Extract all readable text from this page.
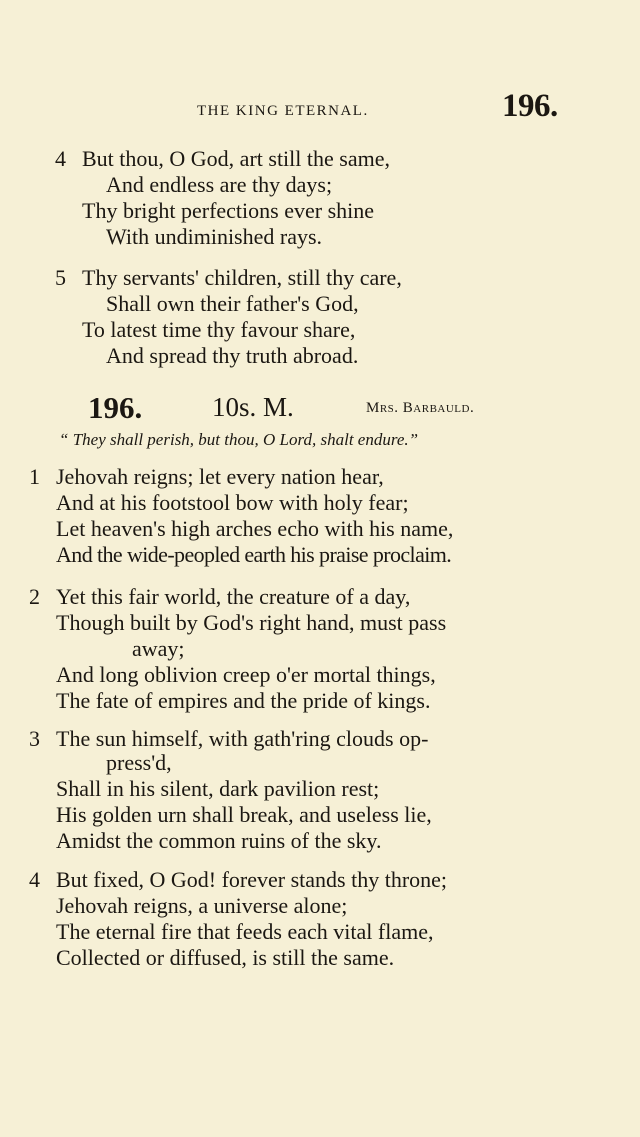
THE KING ETERNAL.	196.
4 But thou, O God, art still the same,
And endless are thy days;
Thy bright perfections ever shine
With undiminished rays.
5 Thy servants' children, still thy care,
Shall own their father's God,
To latest time thy favour share,
And spread thy truth abroad.
196.	10s. M.	Mrs. Barbauld.
“ They shall perish, but thou, O Lord, shalt endure.”
1 Jehovah reigns; let every nation hear,
And at his footstool bow with holy fear;
Let heaven's high arches echo with his name,
And the wide-peopled earth his praise proclaim.
2 Yet this fair world, the creature of a day,
Though built by God's right hand, must pass
away;
And long oblivion creep o'er mortal things,
The fate of empires and the pride of kings.
3 The sun himself, with gath'ring clouds op-
press'd,
Shall in his silent, dark pavilion rest;
His golden urn shall break, and useless lie,
Amidst the common ruins of the sky.
4 But fixed, O God! forever stands thy throne;
Jehovah reigns, a universe alone;
The eternal fire that feeds each vital flame,
Collected or diffused, is still the same.
